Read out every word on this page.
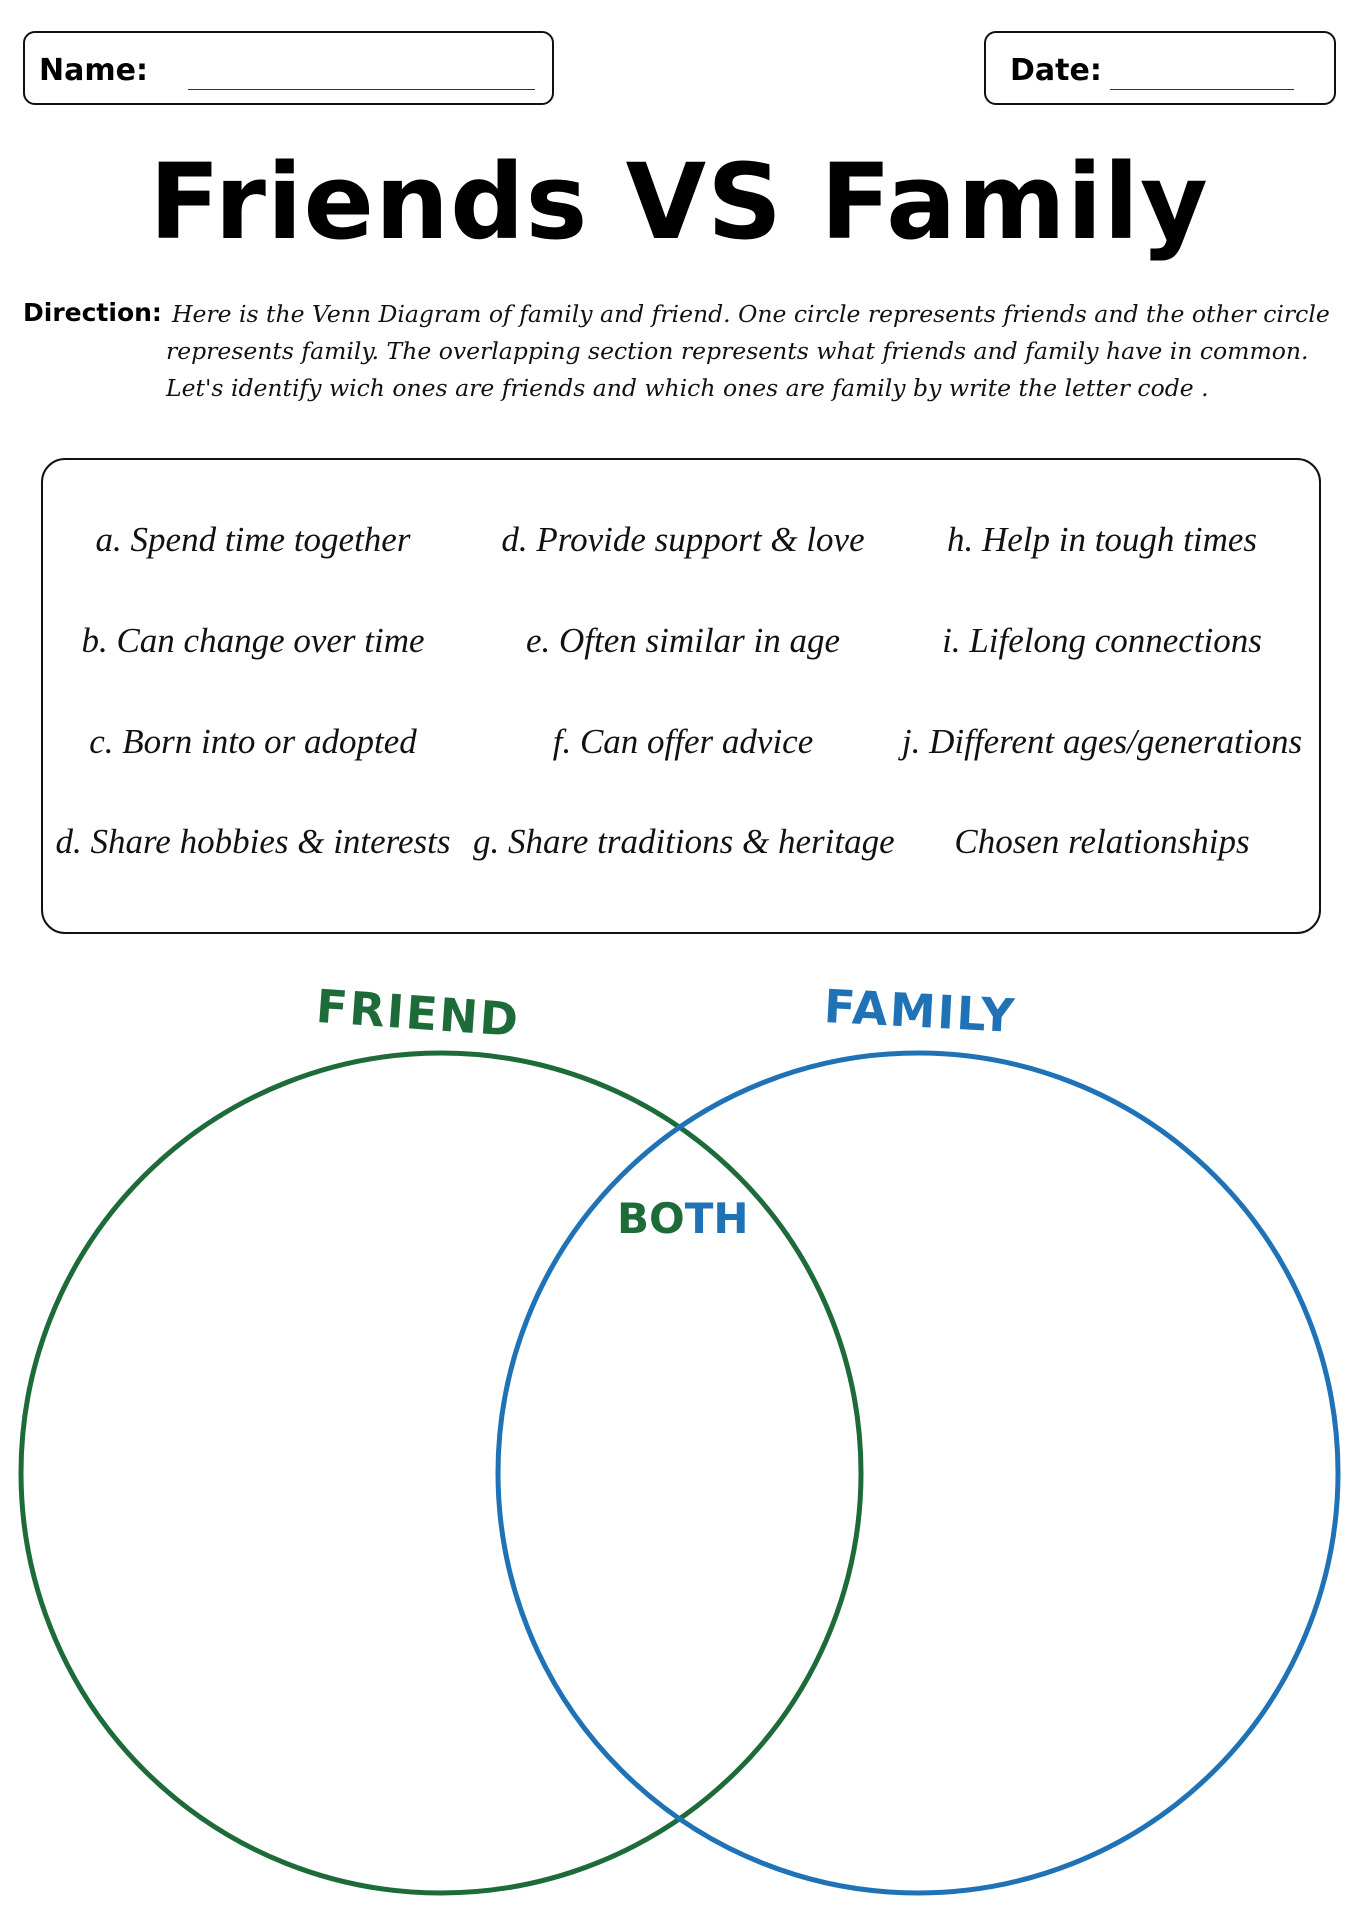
Name:	Date:
Friends VS Family
Direction: Here is the Venn Diagram of family and friend. One circle represents friends and the other circle
represents family. The overlapping section represents what friends and family have in common.
Let's identify wich ones are friends and which ones are family by write the letter code .
a. Spend time together	d. Provide support & love	h. Help in tough times
b. Can change over time	e. Often similar in age	i. Lifelong connections
c. Born into or adopted	f. Can offer advice	j. Different ages/generations
d. Share hobbies & interests g. Share traditions & heritage	Chosen relationships
FRIEND	FAMILY
BOTH
